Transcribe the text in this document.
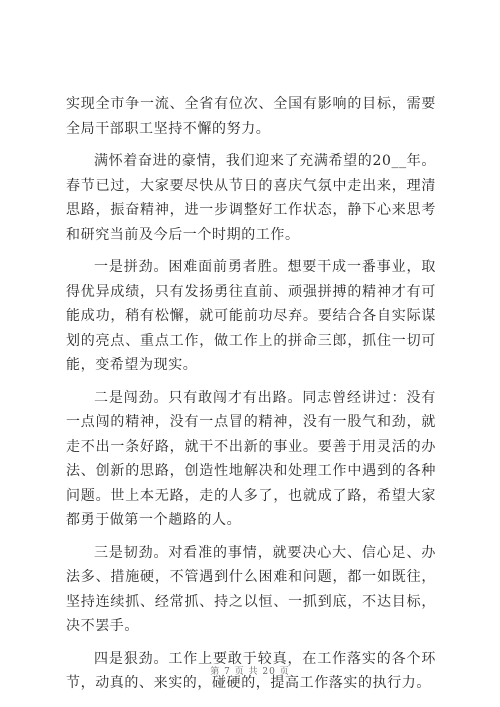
实现全市争一流、全省有位次、全国有影响的目标，需要全局干部职工坚持不懈的努力。

满怀着奋进的豪情，我们迎来了充满希望的20__年。春节已过，大家要尽快从节日的喜庆气氛中走出来，理清思路，振奋精神，进一步调整好工作状态，静下心来思考和研究当前及今后一个时期的工作。

一是拼劲。困难面前勇者胜。想要干成一番事业，取得优异成绩，只有发扬勇往直前、顽强拼搏的精神才有可能成功，稍有松懈，就可能前功尽弃。要结合各自实际谋划的亮点、重点工作，做工作上的拼命三郎，抓住一切可能，变希望为现实。

二是闯劲。只有敢闯才有出路。同志曾经讲过：没有一点闯的精神，没有一点冒的精神，没有一股气和劲，就走不出一条好路，就干不出新的事业。要善于用灵活的办法、创新的思路，创造性地解决和处理工作中遇到的各种问题。世上本无路，走的人多了，也就成了路，希望大家都勇于做第一个趟路的人。

三是韧劲。对看准的事情，就要决心大、信心足、办法多、措施硬，不管遇到什么困难和问题，都一如既往，坚持连续抓、经常抓、持之以恒、一抓到底，不达目标，决不罢手。

四是狠劲。工作上要敢于较真，在工作落实的各个环节，动真的、来实的，碰硬的，提高工作落实的执行力。

第 7 页 共 20 页
